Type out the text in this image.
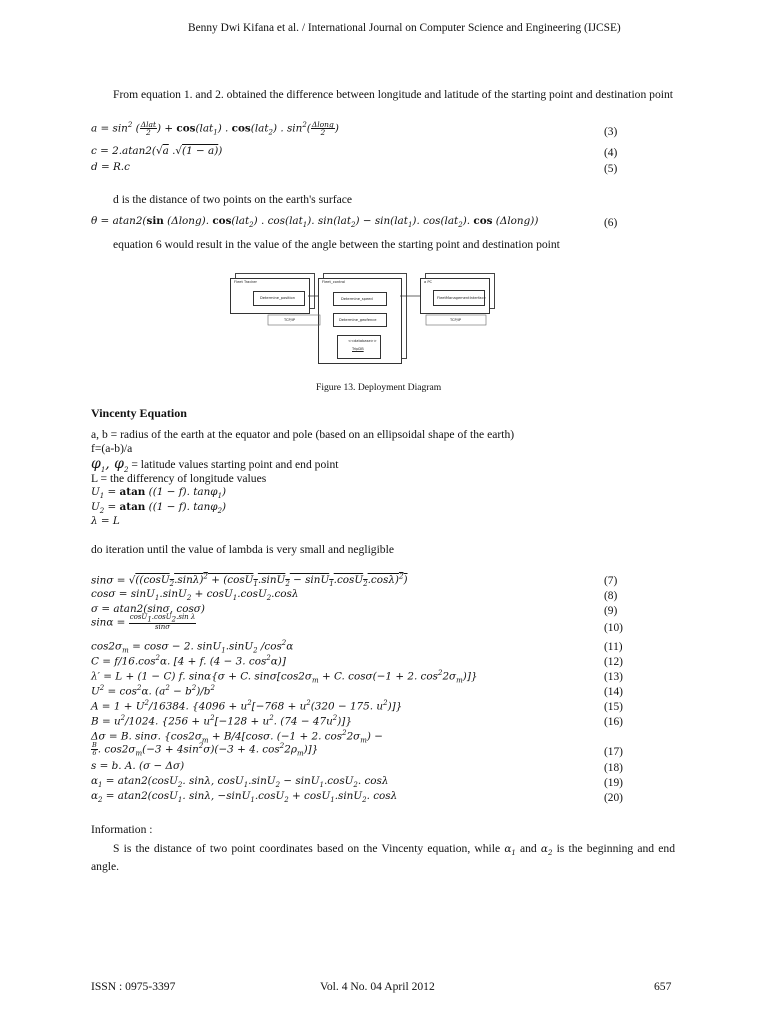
Benny Dwi Kifana et al. / International Journal on Computer Science and Engineering (IJCSE)
From equation 1. and 2. obtained the difference between longitude and latitude of the starting point and destination point
$a = \sin^2$ ( $\frac{\text{Δlat}}{2}$ ) + cos(lat$_1$) . cos(lat$_2$) . $\sin^2( \frac{\text{Δlong}}{2}$ )	(3)
c = 2.atan2(√a .√(1 − a))	(4)
d = R.c	(5)
d is the distance of two points on the earth's surface
θ = atan2(sin (Δlong). cos(lat$_2$) . cos(lat$_1$). sin(lat$_2$) − sin(lat$_1$). cos(lat$_2$). cos (Δlong))	(6)
equation 6 would result in the value of the angle between the starting point and destination point
Fleet Tracker
Determine_position
Fleet_control
Determine_speed
Determine_geofence
<<database>>
TripDB
a PC
FleetManagementInterface
TCP/IP	TCP/IP
Figure 13. Deployment Diagram
Vincenty Equation
a, b = radius of the earth at the equator and pole (based on an ellipsoidal shape of the earth)
f=(a-b)/a
$\varphi_1$, $\varphi_2$ = latitude values starting point and end point
L = the differency of longitude values
$U_1 = atan$ ((1 − f). tanφ$_1$)
$U_2 = atan$ ((1 − f). tanφ$_2$)
λ = L
do iteration until the value of lambda is very small and negligible
$\sin\sigma = √((\cos U_2.\sin\lambda)^2 + (\cos U_1.\sin U_2 - \sin U_1.\cos U_2.\cos\lambda)^2)$	(7)
cosσ = sinU$_1$.sinU$_2$ + cosU$_1$.cosU$_2$.cosλ	(8)
σ = atan2(sinσ, cosσ)	(9)
$\sin\alpha = \frac{\cos U_1.\cos U_2.\sin \lambda}{\sin\sigma}$	(10)
$\cos 2\sigma_m = \cos\sigma - 2$. sinU$_1$.sinU$_2$ $/\cos^2\alpha$	(11)
$C = f/16.\cos^2\alpha$. [4 + f. (4 − 3. $\cos^2\alpha$)]	(12)
λ′ = L + (1 − C) f. sinα{σ + C. $\sin\sigma[\cos 2\sigma_m + C$. cosσ(−1 + 2. $\cos^22\sigma_m$)]}	(13)
$U^2 = \cos^2\alpha$. $(a^2 - b^2)/b^2$	(14)
$A = 1 + U^2/16384$. {$4096 + u^2[-768 + u^2(320 - 175$. $u^2$)]}	(15)
$B = u^2/1024$. {$256 + u^2[-128 + u^2$. $(74 - 47u^2)$]}	(16)
Δσ = B. sinσ. {$\cos 2\sigma_m + B/4[\cos\sigma$. (−1 + 2. $\cos^22\sigma_m$) −
$\frac{B}{6}$ . $\cos 2\sigma_m(-3 + 4\sin^2\sigma)(-3 + 4$. $\cos^22\rho_m$)]}	(17)
s = b. A. (σ − Δσ)	(18)
$\alpha_1 = atan2(\cos U_2$. sinλ, cosU$_1$.sinU$_2$ − sinU$_1$.cosU$_2$. cosλ	(19)
$\alpha_2 = atan2(\cos U_1$. sinλ, −sinU$_1$.cosU$_2$ + cosU$_1$.sinU$_2$. cosλ	(20)
Information :
S is the distance of two point coordinates based on the Vincenty equation, while $\alpha_1$ and $\alpha_2$ is the beginning and end angle.
ISSN : 0975-3397	Vol. 4 No. 04 April 2012	657
